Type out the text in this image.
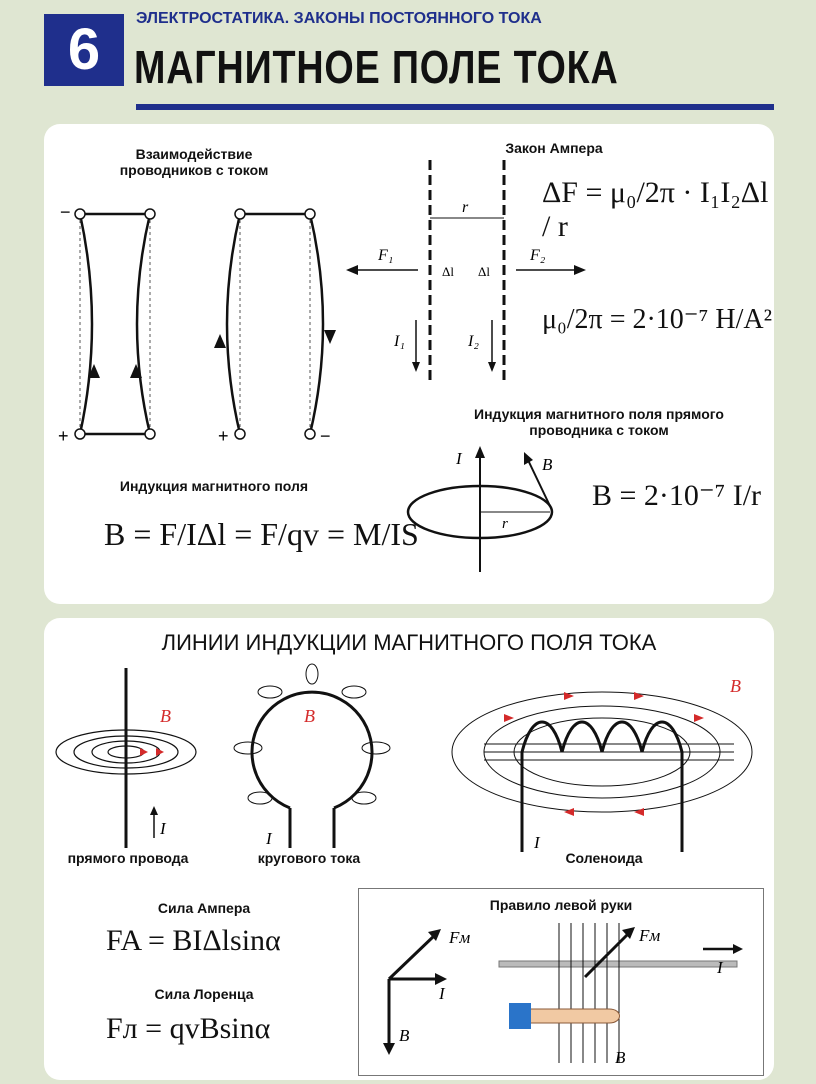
6	ЭЛЕКТРОСТАТИКА. ЗАКОНЫ ПОСТОЯННОГО ТОКА
МАГНИТНОЕ ПОЛЕ ТОКА
Взаимодействие проводников с током
Закон Ампера
−
+	+	−
r
F₁	F₂
Δl Δl
I₁	I₂
ΔF = μ₀/2π · I₁I₂Δl / r
μ₀/2π = 2·10⁻⁷ Н/А²
Индукция магнитного поля прямого проводника с током
r
I	B
B = 2·10⁻⁷ I/r
Индукция магнитного поля
B = F/IΔl = F/qv = M/IS
ЛИНИИ ИНДУКЦИИ МАГНИТНОГО ПОЛЯ ТОКА
B
I
B
I
B
I
прямого провода	кругового тока	Соленоида
Сила Ампера
FA = BIΔlsinα
Сила Лоренца
Fл = qvBsinα
Правило левой руки
Fм
I
B
Fм
I
B
